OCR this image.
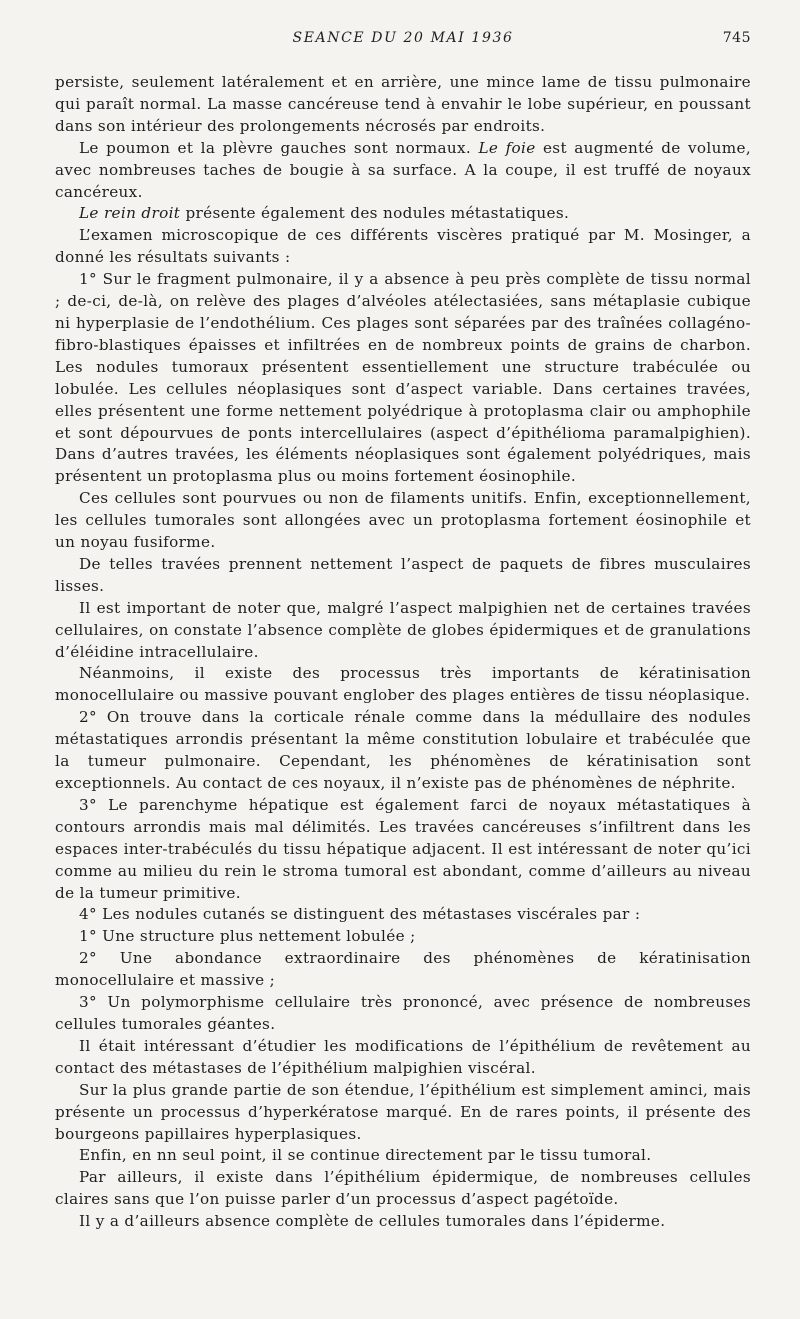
SEANCE DU 20 MAI 1936	745

persiste, seulement latéralement et en arrière, une mince lame de tissu pulmonaire qui paraît normal. La masse cancéreuse tend à envahir le lobe supérieur, en poussant dans son intérieur des prolongements nécrosés par endroits.

Le poumon et la plèvre gauches sont normaux. Le foie est augmenté de volume, avec nombreuses taches de bougie à sa surface. A la coupe, il est truffé de noyaux cancéreux.

Le rein droit présente également des nodules métastatiques.

L’examen microscopique de ces différents viscères pratiqué par M. Mosinger, a donné les résultats suivants :

1° Sur le fragment pulmonaire, il y a absence à peu près complète de tissu normal ; de-ci, de-là, on relève des plages d’alvéoles atélectasiées, sans métaplasie cubique ni hyperplasie de l’endothélium. Ces plages sont séparées par des traînées collagéno-fibro-blastiques épaisses et infiltrées en de nombreux points de grains de charbon. Les nodules tumoraux présentent essentiellement une structure trabéculée ou lobulée. Les cellules néoplasiques sont d’aspect variable. Dans certaines travées, elles présentent une forme nettement polyédrique à protoplasma clair ou amphophile et sont dépourvues de ponts intercellulaires (aspect d’épithélioma paramalpighien). Dans d’autres travées, les éléments néoplasiques sont également polyédriques, mais présentent un protoplasma plus ou moins fortement éosinophile.

Ces cellules sont pourvues ou non de filaments unitifs. Enfin, exceptionnellement, les cellules tumorales sont allongées avec un protoplasma fortement éosinophile et un noyau fusiforme.

De telles travées prennent nettement l’aspect de paquets de fibres musculaires lisses.

Il est important de noter que, malgré l’aspect malpighien net de certaines travées cellulaires, on constate l’absence complète de globes épidermiques et de granulations d’éléidine intracellulaire.

Néanmoins, il existe des processus très importants de kératinisation monocellulaire ou massive pouvant englober des plages entières de tissu néoplasique.

2° On trouve dans la corticale rénale comme dans la médullaire des nodules métastatiques arrondis présentant la même constitution lobulaire et trabéculée que la tumeur pulmonaire. Cependant, les phénomènes de kératinisation sont exceptionnels. Au contact de ces noyaux, il n’existe pas de phénomènes de néphrite.

3° Le parenchyme hépatique est également farci de noyaux métastatiques à contours arrondis mais mal délimités. Les travées cancéreuses s’infiltrent dans les espaces inter-trabéculés du tissu hépatique adjacent. Il est intéressant de noter qu’ici comme au milieu du rein le stroma tumoral est abondant, comme d’ailleurs au niveau de la tumeur primitive.

4° Les nodules cutanés se distinguent des métastases viscérales par :

1° Une structure plus nettement lobulée ;

2° Une abondance extraordinaire des phénomènes de kératinisation monocellulaire et massive ;

3° Un polymorphisme cellulaire très prononcé, avec présence de nombreuses cellules tumorales géantes.

Il était intéressant d’étudier les modifications de l’épithélium de revêtement au contact des métastases de l’épithélium malpighien viscéral.

Sur la plus grande partie de son étendue, l’épithélium est simplement aminci, mais présente un processus d’hyperkératose marqué. En de rares points, il présente des bourgeons papillaires hyperplasiques.

Enfin, en nn seul point, il se continue directement par le tissu tumoral.

Par ailleurs, il existe dans l’épithélium épidermique, de nombreuses cellules claires sans que l’on puisse parler d’un processus d’aspect pagétoïde.

Il y a d’ailleurs absence complète de cellules tumorales dans l’épiderme.
